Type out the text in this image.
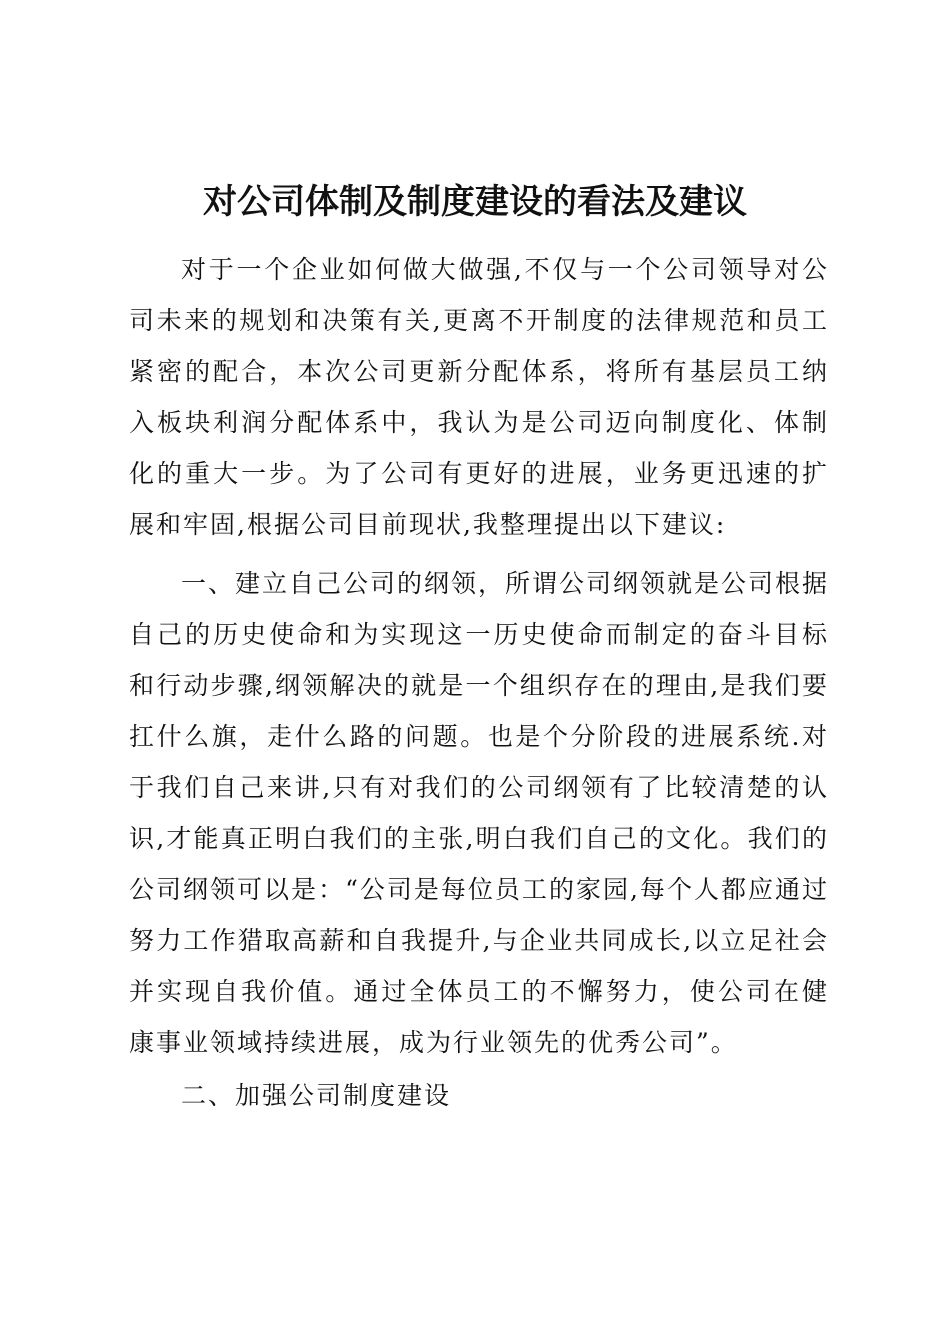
对公司体制及制度建设的看法及建议

对于一个企业如何做大做强,不仅与一个公司领导对公司未来的规划和决策有关,更离不开制度的法律规范和员工紧密的配合，本次公司更新分配体系，将所有基层员工纳入板块利润分配体系中，我认为是公司迈向制度化、体制化的重大一步。为了公司有更好的进展，业务更迅速的扩展和牢固,根据公司目前现状,我整理提出以下建议:

一、建立自己公司的纲领，所谓公司纲领就是公司根据自己的历史使命和为实现这一历史使命而制定的奋斗目标和行动步骤,纲领解决的就是一个组织存在的理由,是我们要扛什么旗，走什么路的问题。也是个分阶段的进展系统.对于我们自己来讲,只有对我们的公司纲领有了比较清楚的认识,才能真正明白我们的主张,明白我们自己的文化。我们的公司纲领可以是：“公司是每位员工的家园,每个人都应通过努力工作猎取高薪和自我提升,与企业共同成长,以立足社会并实现自我价值。通过全体员工的不懈努力，使公司在健康事业领域持续进展，成为行业领先的优秀公司”。

二、加强公司制度建设
